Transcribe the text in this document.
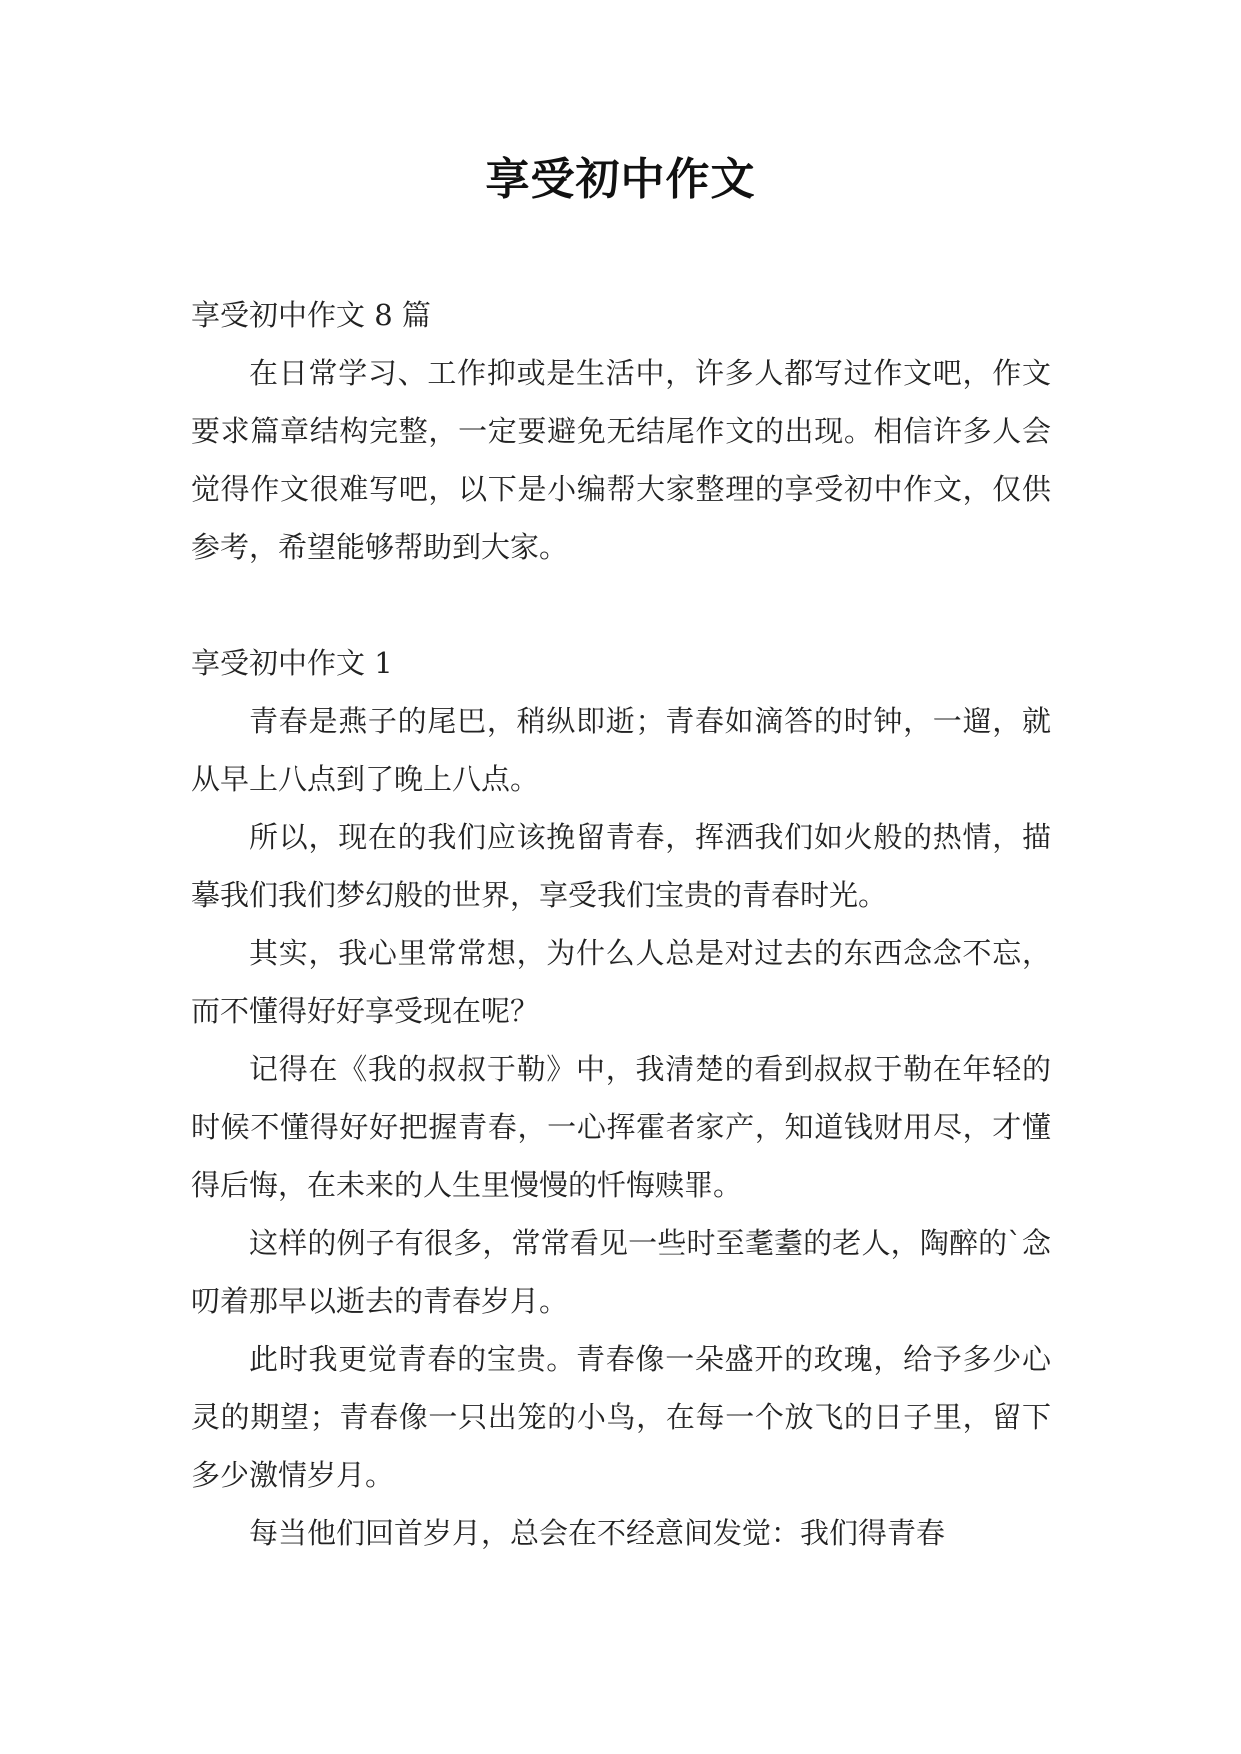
享受初中作文

享受初中作文 8 篇

在日常学习、工作抑或是生活中，许多人都写过作文吧，作文要求篇章结构完整，一定要避免无结尾作文的出现。相信许多人会觉得作文很难写吧，以下是小编帮大家整理的享受初中作文，仅供参考，希望能够帮助到大家。

享受初中作文 1

青春是燕子的尾巴，稍纵即逝；青春如滴答的时钟，一遛，就从早上八点到了晚上八点。

所以，现在的我们应该挽留青春，挥洒我们如火般的热情，描摹我们我们梦幻般的世界，享受我们宝贵的青春时光。

其实，我心里常常想，为什么人总是对过去的东西念念不忘，而不懂得好好享受现在呢？

记得在《我的叔叔于勒》中，我清楚的看到叔叔于勒在年轻的时候不懂得好好把握青春，一心挥霍者家产，知道钱财用尽，才懂得后悔，在未来的人生里慢慢的忏悔赎罪。

这样的例子有很多，常常看见一些时至耄耋的老人，陶醉的`念叨着那早以逝去的青春岁月。

此时我更觉青春的宝贵。青春像一朵盛开的玫瑰，给予多少心灵的期望；青春像一只出笼的小鸟，在每一个放飞的日子里，留下多少激情岁月。

每当他们回首岁月，总会在不经意间发觉：我们得青春
